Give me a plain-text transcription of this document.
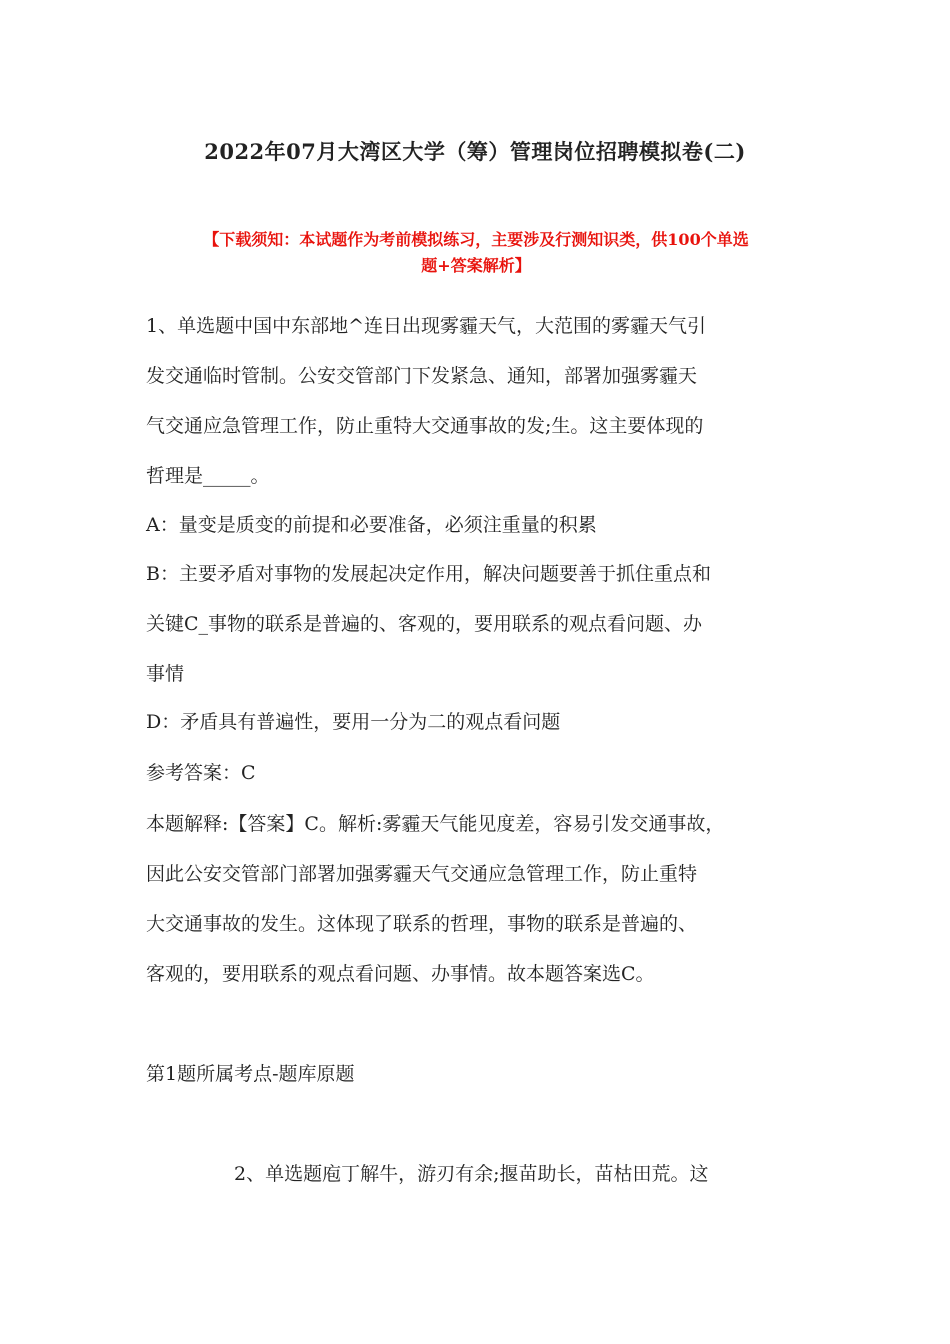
2022年07月大湾区大学（筹）管理岗位招聘模拟卷(二)
【下载须知：本试题作为考前模拟练习，主要涉及行测知识类，供100个单选
题+答案解析】
1、单选题中国中东部地^连日出现雾霾天气，大范围的雾霾天气引
发交通临时管制。公安交管部门下发紧急、通知，部署加强雾霾天
气交通应急管理工作，防止重特大交通事故的发;生。这主要体现的
哲理是_____。
A：量变是质变的前提和必要准备，必须注重量的积累
B：主要矛盾对事物的发展起决定作用，解决问题要善于抓住重点和
关键C_事物的联系是普遍的、客观的，要用联系的观点看问题、办
事情
D：矛盾具有普遍性，要用一分为二的观点看问题
参考答案：C
本题解释:【答案】C。解析:雾霾天气能见度差，容易引发交通事故，
因此公安交管部门部署加强雾霾天气交通应急管理工作，防止重特
大交通事故的发生。这体现了联系的哲理，事物的联系是普遍的、
客观的，要用联系的观点看问题、办事情。故本题答案选C。
第1题所属考点-题库原题
2、单选题庖丁解牛，游刃有余;揠苗助长，苗枯田荒。这
